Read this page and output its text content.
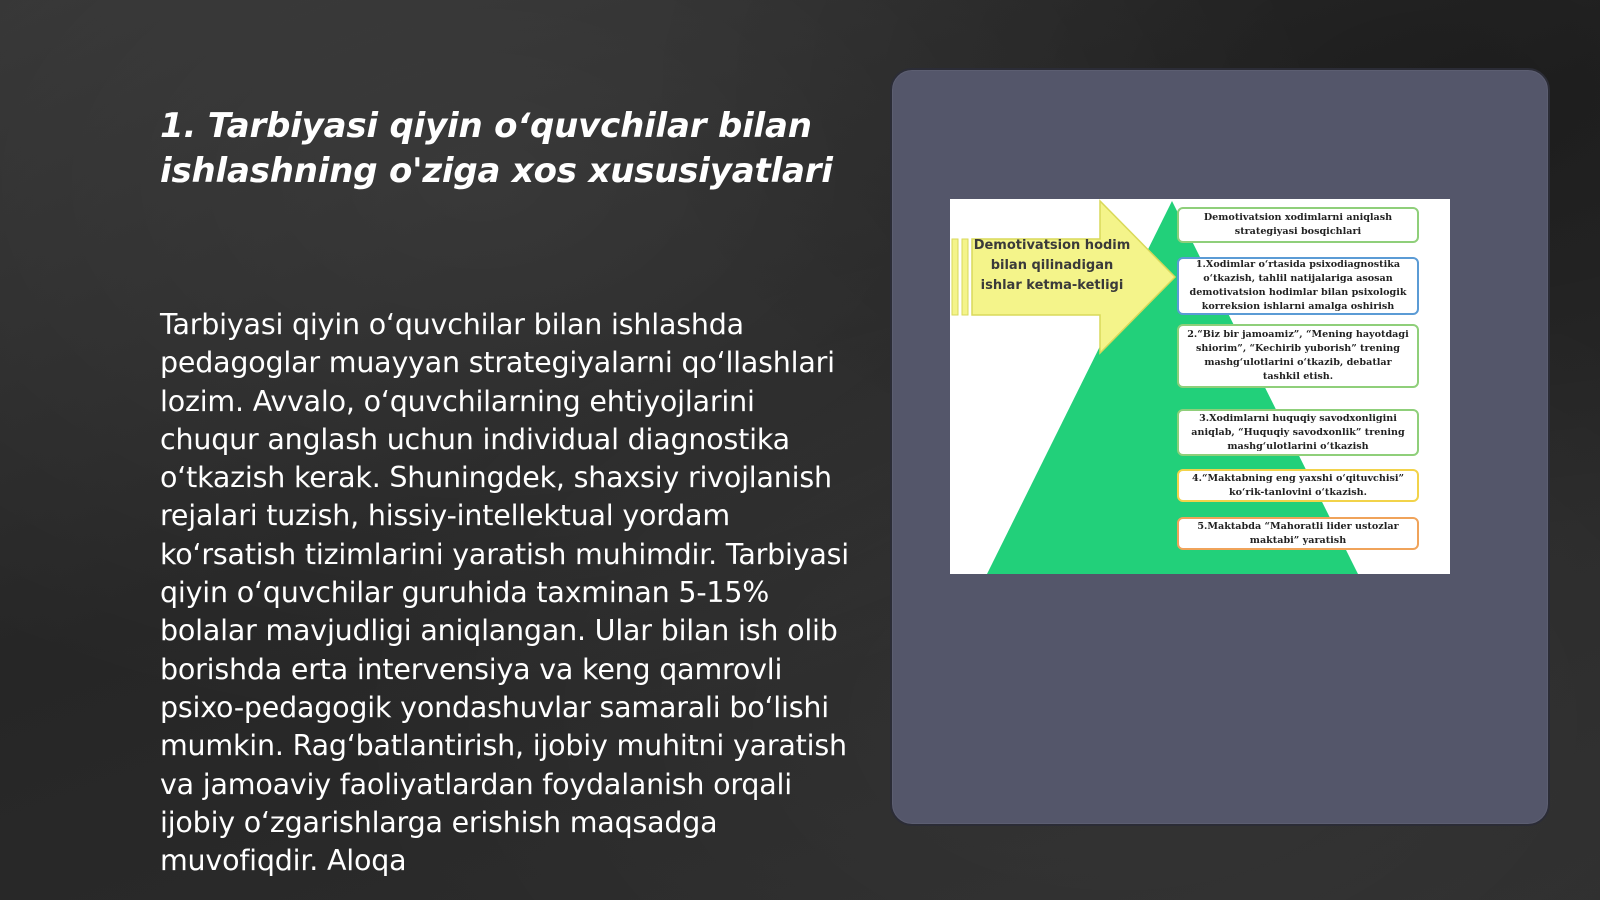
1. Tarbiyasi qiyin o‘quvchilar bilan ishlashning o'ziga xos xususiyatlari

Tarbiyasi qiyin o‘quvchilar bilan ishlashda pedagoglar muayyan strategiyalarni qo‘llashlari lozim. Avvalo, o‘quvchilarning ehtiyojlarini chuqur anglash uchun individual diagnostika o‘tkazish kerak. Shuningdek, shaxsiy rivojlanish rejalari tuzish, hissiy-intellektual yordam ko‘rsatish tizimlarini yaratish muhimdir. Tarbiyasi qiyin o‘quvchilar guruhida taxminan 5-15% bolalar mavjudligi aniqlangan. Ular bilan ish olib borishda erta intervensiya va keng qamrovli psixo-pedagogik yondashuvlar samarali bo‘lishi mumkin. Rag‘batlantirish, ijobiy muhitni yaratish va jamoaviy faoliyatlardan foydalanish orqali ijobiy o‘zgarishlarga erishish maqsadga muvofiqdir. Aloqa

Demotivatsion hodim bilan qilinadigan ishlar ketma-ketligi

Demotivatsion xodimlarni aniqlash strategiyasi bosqichlari
1.Xodimlar o‘rtasida psixodiagnostika o‘tkazish, tahlil natijalariga asosan demotivatsion hodimlar bilan psixologik korreksion ishlarni amalga oshirish
2.“Biz bir jamoamiz”, “Mening hayotdagi shiorim”, “Kechirib yuborish” trening mashg‘ulotlarini o‘tkazib, debatlar tashkil etish.
3.Xodimlarni huquqiy savodxonligini aniqlab, “Huquqiy savodxonlik” trening mashg‘ulotlarini o‘tkazish
4.“Maktabning eng yaxshi o‘qituvchisi” ko‘rik-tanlovini o‘tkazish.
5.Maktabda “Mahoratli lider ustozlar maktabi” yaratish
